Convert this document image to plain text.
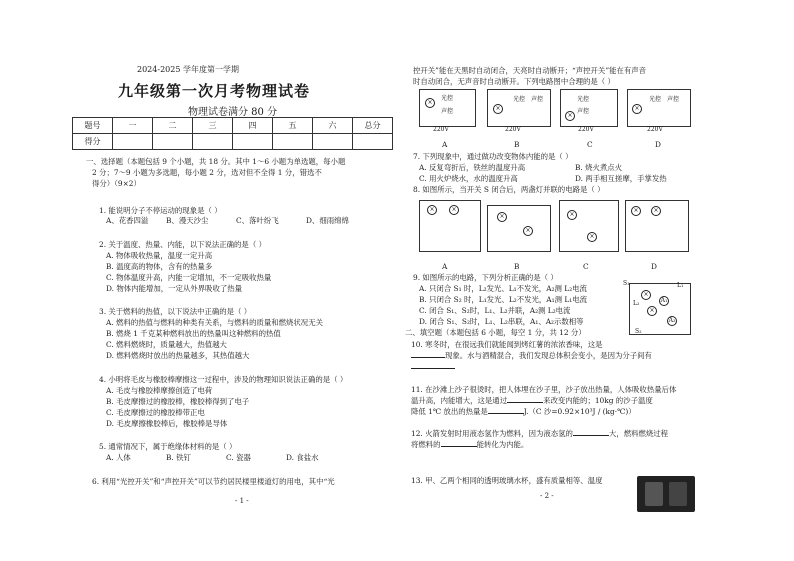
2024-2025 学年度第一学期
九年级第一次月考物理试卷
物理试卷满分 80 分
题号	一	二	三	四	五	六	总分
得分							
一、选择题（本题包括 9 个小题，共 18 分。其中 1～6 小题为单选题，每小题
2 分；7～9 小题为多选题，每小题 2 分，选对但不全得 1 分，错选不
得分）（9×2）
1. 能说明分子不停运动的现象是（ ）
A、花香四溢 B、漫天沙尘	C、落叶纷飞	D、细雨绵绵
2. 关于温度、热量、内能，以下说法正确的是（ ）
A. 物体吸收热量，温度一定升高
B. 温度高的物体，含有的热量多
C. 物体温度升高，内能一定增加，不一定吸收热量
D. 物体内能增加，一定从外界吸收了热量
3. 关于燃料的热值，以下说法中正确的是（ ）
A. 燃料的热值与燃料的种类有关系，与燃料的质量和燃烧状况无关
B. 燃烧 1 千克某种燃料放出的热量叫这种燃料的热值
C. 燃料燃烧时，质量越大，热值越大
D. 燃料燃烧时放出的热量越多，其热值越大
4. 小明将毛皮与橡胶棒摩擦这一过程中，涉及的物理知识说法正确的是（ ）
A. 毛皮与橡胶棒摩擦创造了电荷
B. 毛皮摩擦过的橡胶棒，橡胶棒得到了电子
C. 毛皮摩擦过的橡胶棒带正电
D. 毛皮摩擦橡胶棒后，橡胶棒是导体
5. 通常情况下，属于绝缘体材料的是（ ）
A. 人体	B. 铁钉	C. 瓷器	D. 食盐水
6. 利用“光控开关”和“声控开关”可以节约居民楼里楼道灯的用电，其中“光
- 1 -
控开关”能在天黑时自动闭合，天亮时自动断开；“声控开关”能在有声音
时自动闭合，无声音时自动断开。下列电路图中合理的是（ ）
×
光控
声控
220V
A
×
光控 声控
220V
B
×
光控
声控
220V
C
×
光控 声控
220V
D
7. 下列现象中，通过做功改变物体内能的是（ ）
A. 反复弯折后，铁丝的温度升高	B. 烧火煮点火
C. 用火炉烧水，水的温度升高	D. 两手相互搓摩，手掌发热
8. 如图所示，当开关 S 闭合后，两盏灯并联的电路是（ ）
×	×
×
×
×
×
×	×
A	B	C	D
9. 如图所示的电路，下列分析正确的是（ ）
A. 只闭合 S₁ 时，L₂发光、L₁不发光，A₂测 L₂电流
B. 只闭合 S₂ 时，L₁发光、L₂不发光，A₁测 L₁电流
C. 闭合 S₁、S₂时，L₁、L₂并联，A₂测 L₂电流
D. 闭合 S₁、S₂时，L₁、L₂串联，A₁、A₂示数相等
×
A₁
×
A₂
S₁
S₂
L₁
L₂
二、填空题（本题包括 6 小题，每空 1 分，共 12 分）
10. 寒冬时，在很远我们就能闻到烤红薯的浓浓香味，这是
现象。水与酒精混合，我们发现总体积会变小，是因为分子间有
11. 在沙滩上沙子很烫时，把人体埋在沙子里，沙子放出热量，人体吸收热量后体
温升高，内能增大，这是通过	来改变内能的；10kg 的沙子温度
降低 1℃ 放出的热量是	J.（C 沙=0.92×10³J / (kg·℃)）
12. 火箭发射时用液态氢作为燃料，因为液态氢的	大，燃料燃烧过程
将燃料的	能转化为内能。
13. 甲、乙两个相同的透明玻璃水杯，盛有质量相等、温度
- 2 -
